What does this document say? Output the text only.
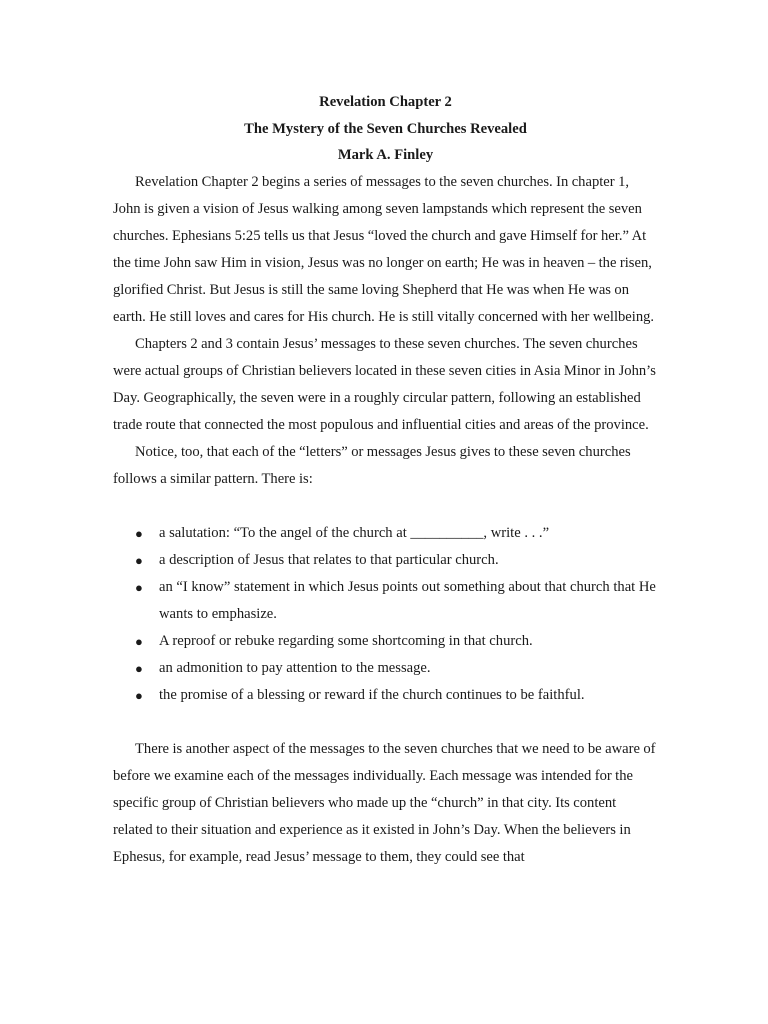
Revelation Chapter 2
The Mystery of the Seven Churches Revealed
Mark A. Finley

Revelation Chapter 2 begins a series of messages to the seven churches. In chapter 1, John is given a vision of Jesus walking among seven lampstands which represent the seven churches. Ephesians 5:25 tells us that Jesus “loved the church and gave Himself for her.” At the time John saw Him in vision, Jesus was no longer on earth; He was in heaven – the risen, glorified Christ. But Jesus is still the same loving Shepherd that He was when He was on earth. He still loves and cares for His church. He is still vitally concerned with her wellbeing.

Chapters 2 and 3 contain Jesus’ messages to these seven churches. The seven churches were actual groups of Christian believers located in these seven cities in Asia Minor in John’s Day. Geographically, the seven were in a roughly circular pattern, following an established trade route that connected the most populous and influential cities and areas of the province.

Notice, too, that each of the “letters” or messages Jesus gives to these seven churches follows a similar pattern. There is:

● a salutation: “To the angel of the church at __________, write . . .”
● a description of Jesus that relates to that particular church.
● an “I know” statement in which Jesus points out something about that church that He wants to emphasize.
● A reproof or rebuke regarding some shortcoming in that church.
● an admonition to pay attention to the message.
● the promise of a blessing or reward if the church continues to be faithful.

There is another aspect of the messages to the seven churches that we need to be aware of before we examine each of the messages individually. Each message was intended for the specific group of Christian believers who made up the “church” in that city. Its content related to their situation and experience as it existed in John’s Day. When the believers in Ephesus, for example, read Jesus’ message to them, they could see that
